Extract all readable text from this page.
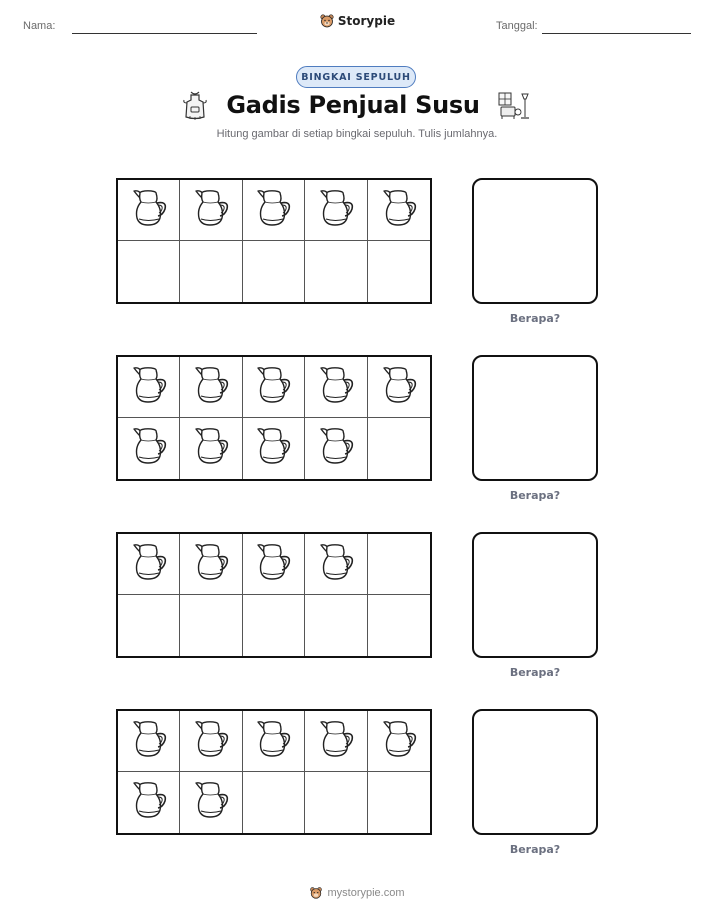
Nama:	Storypie	Tanggal:
BINGKAI SEPULUH
Gadis Penjual Susu
Hitung gambar di setiap bingkai sepuluh. Tulis jumlahnya.
Berapa?
Berapa?
Berapa?
Berapa?
mystorypie.com
